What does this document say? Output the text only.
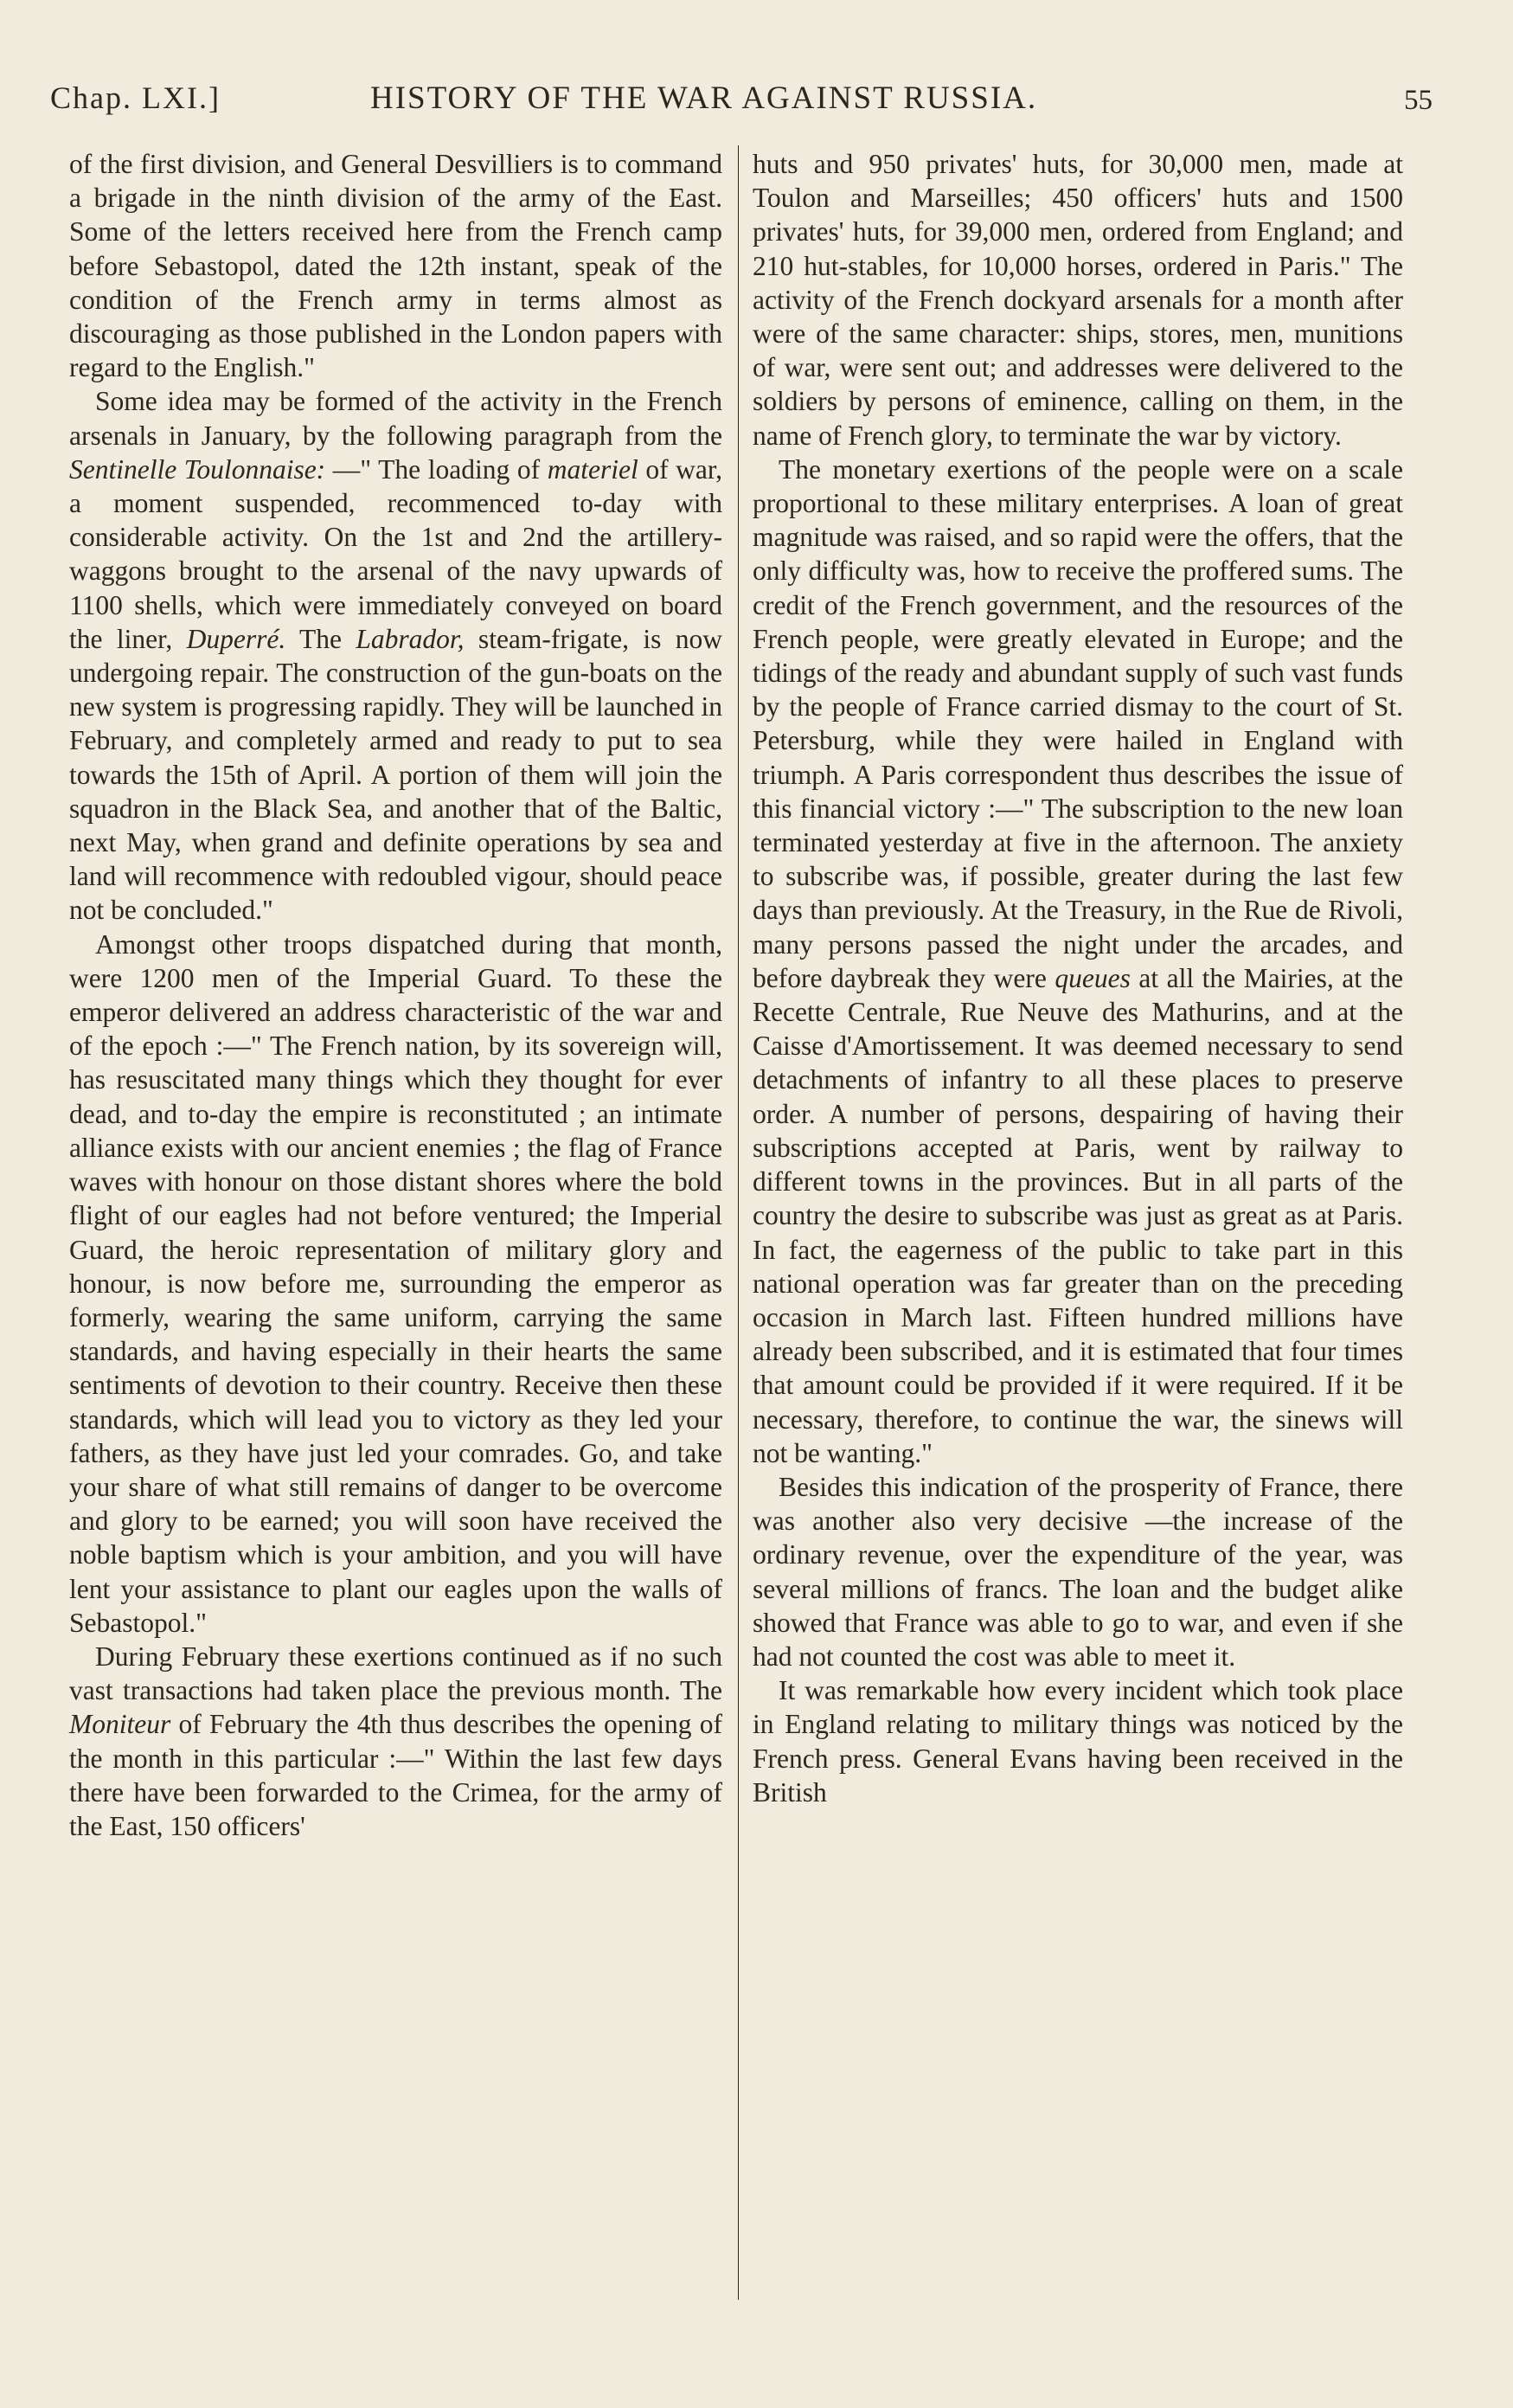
Chap. LXI.]	HISTORY OF THE WAR AGAINST RUSSIA.	55

of the first division, and General Desvilliers is to command a brigade in the ninth division of the army of the East. Some of the letters received here from the French camp before Sebastopol, dated the 12th instant, speak of the condition of the French army in terms almost as discouraging as those published in the London papers with regard to the English."

Some idea may be formed of the activity in the French arsenals in January, by the following paragraph from the Sentinelle Toulonnaise: —" The loading of materiel of war, a moment suspended, recommenced to-day with considerable activity. On the 1st and 2nd the artillery-waggons brought to the arsenal of the navy upwards of 1100 shells, which were immediately conveyed on board the liner, Duperré. The Labrador, steam-frigate, is now undergoing repair. The construction of the gun-boats on the new system is progressing rapidly. They will be launched in February, and completely armed and ready to put to sea towards the 15th of April. A portion of them will join the squadron in the Black Sea, and another that of the Baltic, next May, when grand and definite operations by sea and land will recommence with redoubled vigour, should peace not be concluded."

Amongst other troops dispatched during that month, were 1200 men of the Imperial Guard. To these the emperor delivered an address characteristic of the war and of the epoch :—" The French nation, by its sovereign will, has resuscitated many things which they thought for ever dead, and to-day the empire is reconstituted ; an intimate alliance exists with our ancient enemies ; the flag of France waves with honour on those distant shores where the bold flight of our eagles had not before ventured; the Imperial Guard, the heroic representation of military glory and honour, is now before me, surrounding the emperor as formerly, wearing the same uniform, carrying the same standards, and having especially in their hearts the same sentiments of devotion to their country. Receive then these standards, which will lead you to victory as they led your fathers, as they have just led your comrades. Go, and take your share of what still remains of danger to be overcome and glory to be earned; you will soon have received the noble baptism which is your ambition, and you will have lent your assistance to plant our eagles upon the walls of Sebastopol."

During February these exertions continued as if no such vast transactions had taken place the previous month. The Moniteur of February the 4th thus describes the opening of the month in this particular :—" Within the last few days there have been forwarded to the Crimea, for the army of the East, 150 officers'

huts and 950 privates' huts, for 30,000 men, made at Toulon and Marseilles; 450 officers' huts and 1500 privates' huts, for 39,000 men, ordered from England; and 210 hut-stables, for 10,000 horses, ordered in Paris." The activity of the French dockyard arsenals for a month after were of the same character: ships, stores, men, munitions of war, were sent out; and addresses were delivered to the soldiers by persons of eminence, calling on them, in the name of French glory, to terminate the war by victory.

The monetary exertions of the people were on a scale proportional to these military enterprises. A loan of great magnitude was raised, and so rapid were the offers, that the only difficulty was, how to receive the proffered sums. The credit of the French government, and the resources of the French people, were greatly elevated in Europe; and the tidings of the ready and abundant supply of such vast funds by the people of France carried dismay to the court of St. Petersburg, while they were hailed in England with triumph. A Paris correspondent thus describes the issue of this financial victory :—" The subscription to the new loan terminated yesterday at five in the afternoon. The anxiety to subscribe was, if possible, greater during the last few days than previously. At the Treasury, in the Rue de Rivoli, many persons passed the night under the arcades, and before daybreak they were queues at all the Mairies, at the Recette Centrale, Rue Neuve des Mathurins, and at the Caisse d'Amortissement. It was deemed necessary to send detachments of infantry to all these places to preserve order. A number of persons, despairing of having their subscriptions accepted at Paris, went by railway to different towns in the provinces. But in all parts of the country the desire to subscribe was just as great as at Paris. In fact, the eagerness of the public to take part in this national operation was far greater than on the preceding occasion in March last. Fifteen hundred millions have already been subscribed, and it is estimated that four times that amount could be provided if it were required. If it be necessary, therefore, to continue the war, the sinews will not be wanting."

Besides this indication of the prosperity of France, there was another also very decisive —the increase of the ordinary revenue, over the expenditure of the year, was several millions of francs. The loan and the budget alike showed that France was able to go to war, and even if she had not counted the cost was able to meet it.

It was remarkable how every incident which took place in England relating to military things was noticed by the French press. General Evans having been received in the British
